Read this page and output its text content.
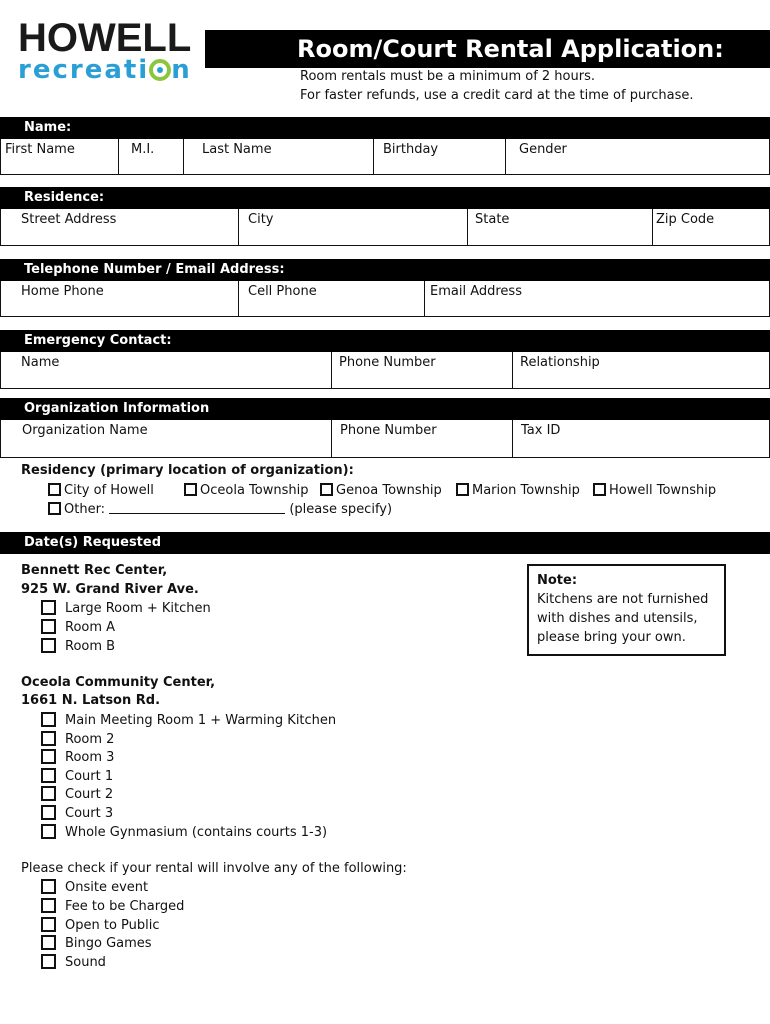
HOWELL
recreati n
Room/Court Rental Application:
Room rentals must be a minimum of 2 hours.
For faster refunds, use a credit card at the time of purchase.
Name:
First Name	M.I.	Last Name	Birthday	Gender
Residence:
Street Address	City	State	Zip Code
Telephone Number / Email Address:
Home Phone	Cell Phone	Email Address
Emergency Contact:
Name	Phone Number	Relationship
Organization Information
Organization Name	Phone Number	Tax ID
Residency (primary location of organization):
City of Howell	Oceola Township	Genoa Township	Marion Township	Howell Township
Other:	(please specify)
Date(s) Requested
Bennett Rec Center,
925 W. Grand River Ave.
Large Room + Kitchen
Room A
Room B
Note:
Kitchens are not furnished
with dishes and utensils,
please bring your own.
Oceola Community Center,
1661 N. Latson Rd.
Main Meeting Room 1 + Warming Kitchen
Room 2
Room 3
Court 1
Court 2
Court 3
Whole Gynmasium (contains courts 1-3)
Please check if your rental will involve any of the following:
Onsite event
Fee to be Charged
Open to Public
Bingo Games
Sound
